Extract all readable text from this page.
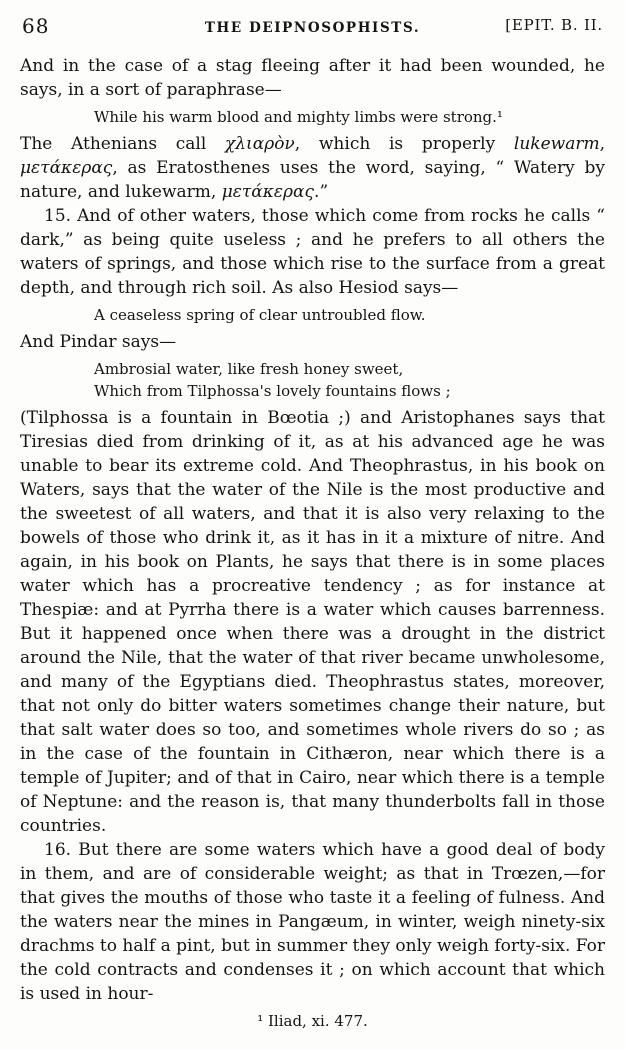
68	THE DEIPNOSOPHISTS.	[EPIT. B. II.

And in the case of a stag fleeing after it had been wounded, he says, in a sort of paraphrase—

While his warm blood and mighty limbs were strong.¹

The Athenians call χλιαρὸν, which is properly lukewarm, μετάκερας, as Eratosthenes uses the word, saying, “ Watery by nature, and lukewarm, μετάκερας.”

15. And of other waters, those which come from rocks he calls “ dark,” as being quite useless ; and he prefers to all others the waters of springs, and those which rise to the surface from a great depth, and through rich soil. As also Hesiod says—

A ceaseless spring of clear untroubled flow.

And Pindar says—

Ambrosial water, like fresh honey sweet,
Which from Tilphossa's lovely fountains flows ;

(Tilphossa is a fountain in Bœotia ;) and Aristophanes says that Tiresias died from drinking of it, as at his advanced age he was unable to bear its extreme cold. And Theophrastus, in his book on Waters, says that the water of the Nile is the most productive and the sweetest of all waters, and that it is also very relaxing to the bowels of those who drink it, as it has in it a mixture of nitre. And again, in his book on Plants, he says that there is in some places water which has a procreative tendency ; as for instance at Thespiæ: and at Pyrrha there is a water which causes barrenness. But it happened once when there was a drought in the district around the Nile, that the water of that river became unwholesome, and many of the Egyptians died. Theophrastus states, moreover, that not only do bitter waters sometimes change their nature, but that salt water does so too, and sometimes whole rivers do so ; as in the case of the fountain in Cithæron, near which there is a temple of Jupiter; and of that in Cairo, near which there is a temple of Neptune: and the reason is, that many thunderbolts fall in those countries.

16. But there are some waters which have a good deal of body in them, and are of considerable weight; as that in Trœzen,—for that gives the mouths of those who taste it a feeling of fulness. And the waters near the mines in Pangæum, in winter, weigh ninety-six drachms to half a pint, but in summer they only weigh forty-six. For the cold contracts and condenses it ; on which account that which is used in hour-

¹ Iliad, xi. 477.
